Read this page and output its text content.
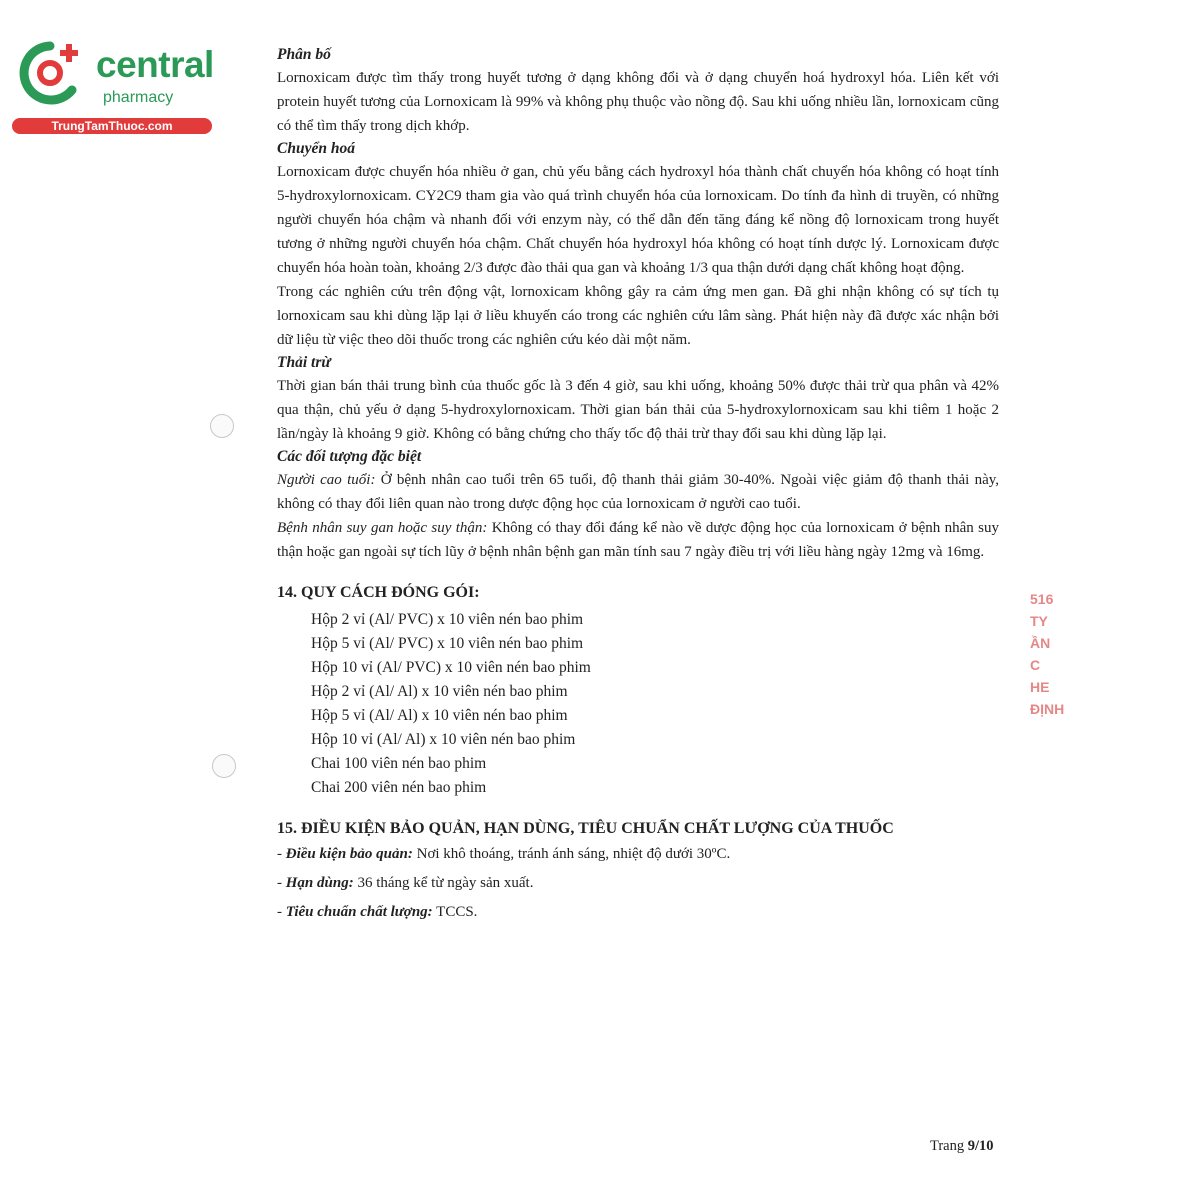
central
pharmacy
TrungTamThuoc.com
516
TY
ẦN
C
HE
ĐỊNH

Phân bố

Lornoxicam được tìm thấy trong huyết tương ở dạng không đổi và ở dạng chuyển hoá hydroxyl hóa. Liên kết với protein huyết tương của Lornoxicam là 99% và không phụ thuộc vào nồng độ. Sau khi uống nhiều lần, lornoxicam cũng có thể tìm thấy trong dịch khớp.

Chuyển hoá

Lornoxicam được chuyển hóa nhiều ở gan, chủ yếu bằng cách hydroxyl hóa thành chất chuyển hóa không có hoạt tính 5-hydroxylornoxicam. CY2C9 tham gia vào quá trình chuyển hóa của lornoxicam. Do tính đa hình di truyền, có những người chuyển hóa chậm và nhanh đối với enzym này, có thể dẫn đến tăng đáng kể nồng độ lornoxicam trong huyết tương ở những người chuyển hóa chậm. Chất chuyển hóa hydroxyl hóa không có hoạt tính dược lý. Lornoxicam được chuyển hóa hoàn toàn, khoảng 2/3 được đào thải qua gan và khoảng 1/3 qua thận dưới dạng chất không hoạt động.

Trong các nghiên cứu trên động vật, lornoxicam không gây ra cảm ứng men gan. Đã ghi nhận không có sự tích tụ lornoxicam sau khi dùng lặp lại ở liều khuyến cáo trong các nghiên cứu lâm sàng. Phát hiện này đã được xác nhận bởi dữ liệu từ việc theo dõi thuốc trong các nghiên cứu kéo dài một năm.

Thải trừ

Thời gian bán thải trung bình của thuốc gốc là 3 đến 4 giờ, sau khi uống, khoảng 50% được thải trừ qua phân và 42% qua thận, chủ yếu ở dạng 5-hydroxylornoxicam. Thời gian bán thải của 5-hydroxylornoxicam sau khi tiêm 1 hoặc 2 lần/ngày là khoảng 9 giờ. Không có bằng chứng cho thấy tốc độ thải trừ thay đổi sau khi dùng lặp lại.

Các đối tượng đặc biệt

Người cao tuổi: Ở bệnh nhân cao tuổi trên 65 tuổi, độ thanh thải giảm 30-40%. Ngoài việc giảm độ thanh thải này, không có thay đổi liên quan nào trong dược động học của lornoxicam ở người cao tuổi.

Bệnh nhân suy gan hoặc suy thận: Không có thay đổi đáng kể nào về dược động học của lornoxicam ở bệnh nhân suy thận hoặc gan ngoài sự tích lũy ở bệnh nhân bệnh gan mãn tính sau 7 ngày điều trị với liều hàng ngày 12mg và 16mg.

14. QUY CÁCH ĐÓNG GÓI:

Hộp 2 vỉ (Al/ PVC) x 10 viên nén bao phim
Hộp 5 vỉ (Al/ PVC) x 10 viên nén bao phim
Hộp 10 vỉ (Al/ PVC) x 10 viên nén bao phim
Hộp 2 vỉ (Al/ Al) x 10 viên nén bao phim
Hộp 5 vỉ (Al/ Al) x 10 viên nén bao phim
Hộp 10 vỉ (Al/ Al) x 10 viên nén bao phim
Chai 100 viên nén bao phim
Chai 200 viên nén bao phim

15. ĐIỀU KIỆN BẢO QUẢN, HẠN DÙNG, TIÊU CHUẨN CHẤT LƯỢNG CỦA THUỐC

- Điều kiện bảo quản: Nơi khô thoáng, tránh ánh sáng, nhiệt độ dưới 30ºC.
- Hạn dùng: 36 tháng kể từ ngày sản xuất.
- Tiêu chuẩn chất lượng: TCCS.
Trang 9/10
